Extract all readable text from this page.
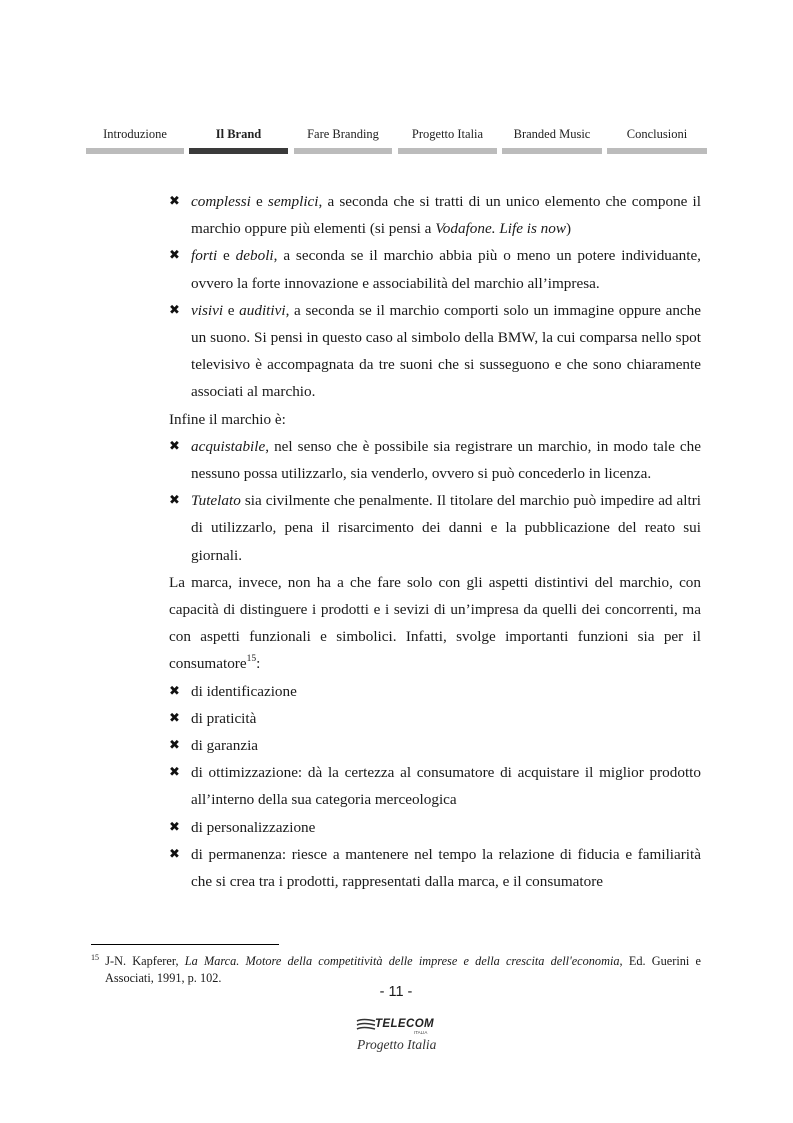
Introduzione	Il Brand	Fare Branding	Progetto Italia	Branded Music	Conclusioni
✖ complessi e semplici, a seconda che si tratti di un unico elemento che compone il marchio oppure più elementi (si pensi a Vodafone. Life is now)
✖ forti e deboli, a seconda se il marchio abbia più o meno un potere individuante, ovvero la forte innovazione e associabilità del marchio all’impresa.
✖ visivi e auditivi, a seconda se il marchio comporti solo un immagine oppure anche un suono. Si pensi in questo caso al simbolo della BMW, la cui comparsa nello spot televisivo è accompagnata da tre suoni che si susseguono e che sono chiaramente associati al marchio.

Infine il marchio è:

✖ acquistabile, nel senso che è possibile sia registrare un marchio, in modo tale che nessuno possa utilizzarlo, sia venderlo, ovvero si può concederlo in licenza.
✖ Tutelato sia civilmente che penalmente. Il titolare del marchio può impedire ad altri di utilizzarlo, pena il risarcimento dei danni e la pubblicazione del reato sui giornali.

La marca, invece, non ha a che fare solo con gli aspetti distintivi del marchio, con capacità di distinguere i prodotti e i sevizi di un’impresa da quelli dei concorrenti, ma con aspetti funzionali e simbolici. Infatti, svolge importanti funzioni sia per il consumatore$^{15}$:

✖ di identificazione
✖ di praticità
✖ di garanzia
✖ di ottimizzazione: dà la certezza al consumatore di acquistare il miglior prodotto all’interno della sua categoria merceologica
✖ di personalizzazione
✖ di permanenza: riesce a mantenere nel tempo la relazione di fiducia e familiarità che si crea tra i prodotti, rappresentati dalla marca, e il consumatore
$^{15}$ J-N. Kapferer, La Marca. Motore della competitività delle imprese e della crescita dell'economia, Ed. Guerini e Associati, 1991, p. 102.
- 11 -
TELECOM
ITALIA
Progetto Italia
